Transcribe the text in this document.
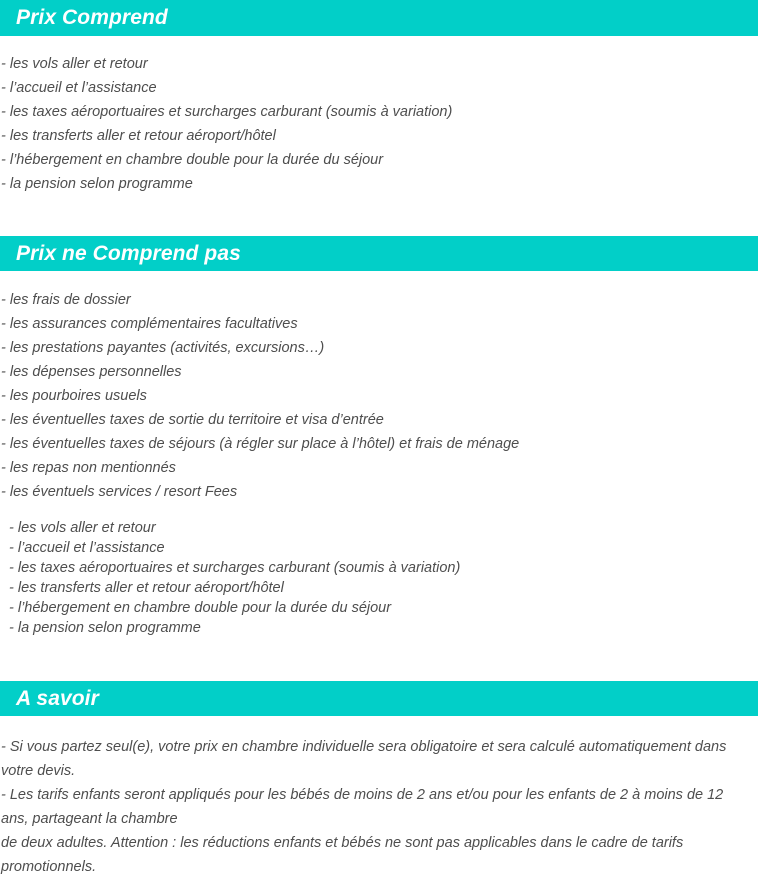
Prix Comprend
- les vols aller et retour
- l’accueil et l’assistance
- les taxes aéroportuaires et surcharges carburant (soumis à variation)
- les transferts aller et retour aéroport/hôtel
- l’hébergement en chambre double pour la durée du séjour
- la pension selon programme
Prix ne Comprend pas
- les frais de dossier
- les assurances complémentaires facultatives
- les prestations payantes (activités, excursions…)
- les dépenses personnelles
- les pourboires usuels
- les éventuelles taxes de sortie du territoire et visa d’entrée
- les éventuelles taxes de séjours (à régler sur place à l’hôtel) et frais de ménage
- les repas non mentionnés
- les éventuels services / resort Fees
- les vols aller et retour
- l’accueil et l’assistance
- les taxes aéroportuaires et surcharges carburant (soumis à variation)
- les transferts aller et retour aéroport/hôtel
- l’hébergement en chambre double pour la durée du séjour
- la pension selon programme
A savoir

- Si vous partez seul(e), votre prix en chambre individuelle sera obligatoire et sera calculé automatiquement dans votre devis.

- Les tarifs enfants seront appliqués pour les bébés de moins de 2 ans et/ou pour les enfants de 2 à moins de 12 ans, partageant la chambre

de deux adultes. Attention : les réductions enfants et bébés ne sont pas applicables dans le cadre de tarifs promotionnels.
